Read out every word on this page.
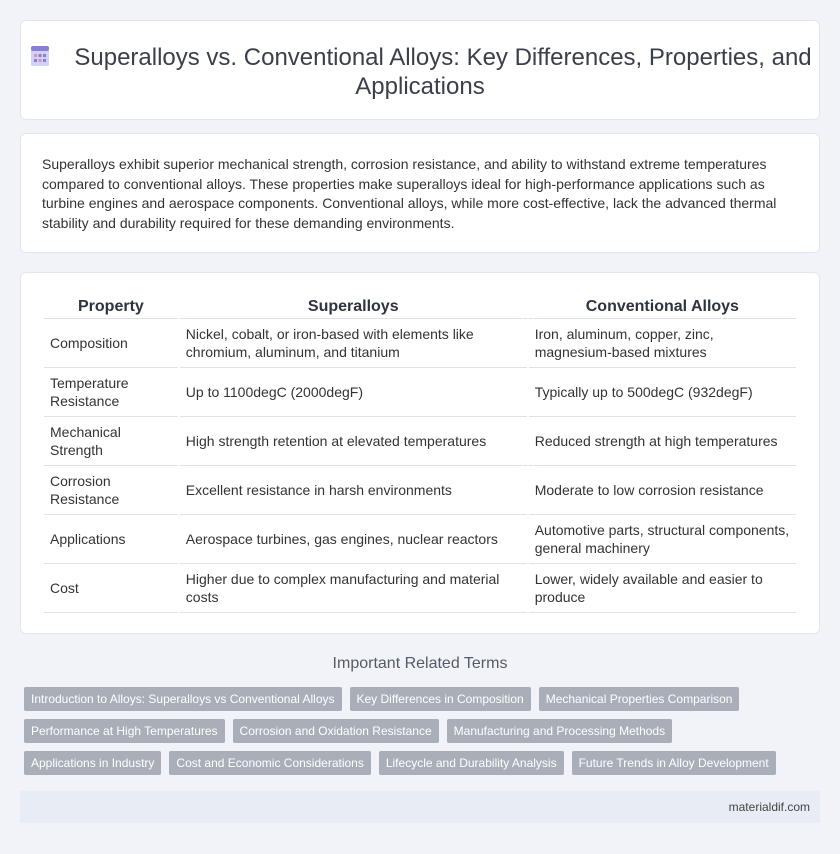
Superalloys vs. Conventional Alloys: Key Differences, Properties, and Applications

Superalloys exhibit superior mechanical strength, corrosion resistance, and ability to withstand extreme temperatures compared to conventional alloys. These properties make superalloys ideal for high-performance applications such as turbine engines and aerospace components. Conventional alloys, while more cost-effective, lack the advanced thermal stability and durability required for these demanding environments.

Property	Superalloys	Conventional Alloys
Composition	Nickel, cobalt, or iron-based with elements like chromium, aluminum, and titanium	Iron, aluminum, copper, zinc, magnesium-based mixtures
Temperature Resistance	Up to 1100degC (2000degF)	Typically up to 500degC (932degF)
Mechanical Strength	High strength retention at elevated temperatures	Reduced strength at high temperatures
Corrosion Resistance	Excellent resistance in harsh environments	Moderate to low corrosion resistance
Applications	Aerospace turbines, gas engines, nuclear reactors	Automotive parts, structural components, general machinery
Cost	Higher due to complex manufacturing and material costs	Lower, widely available and easier to produce
Important Related Terms
Introduction to Alloys: Superalloys vs Conventional Alloys	Key Differences in Composition	Mechanical Properties Comparison
Performance at High Temperatures	Corrosion and Oxidation Resistance	Manufacturing and Processing Methods
Applications in Industry	Cost and Economic Considerations	Lifecycle and Durability Analysis	Future Trends in Alloy Development
materialdif.com
